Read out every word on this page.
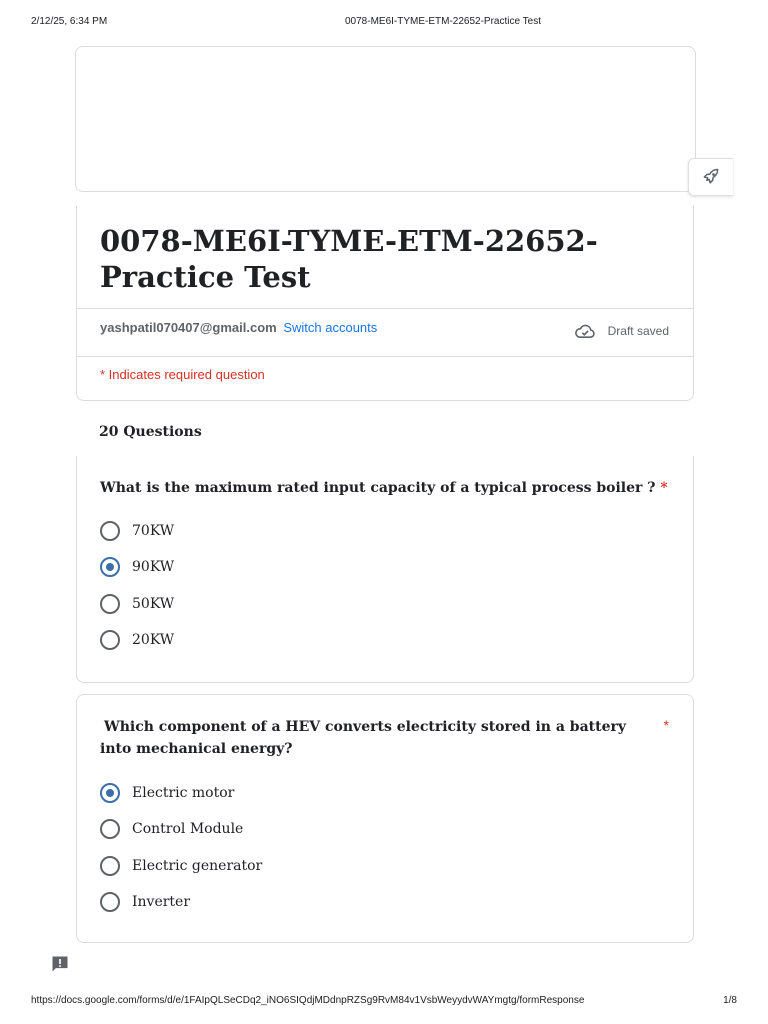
2/12/25, 6:34 PM	0078-ME6I-TYME-ETM-22652-Practice Test
0078-ME6I-TYME-ETM-22652-Practice Test
yashpatil070407@gmail.com Switch accounts	Draft saved
* Indicates required question
20 Questions
What is the maximum rated input capacity of a typical process boiler ? *
70KW
90KW
50KW
20KW
Which component of a HEV converts electricity stored in a battery into mechanical energy?
*
Electric motor
Control Module
Electric generator
Inverter
https://docs.google.com/forms/d/e/1FAIpQLSeCDq2_iNO6SIQdjMDdnpRZSg9RvM84v1VsbWeyydvWAYmgtg/formResponse	1/8
